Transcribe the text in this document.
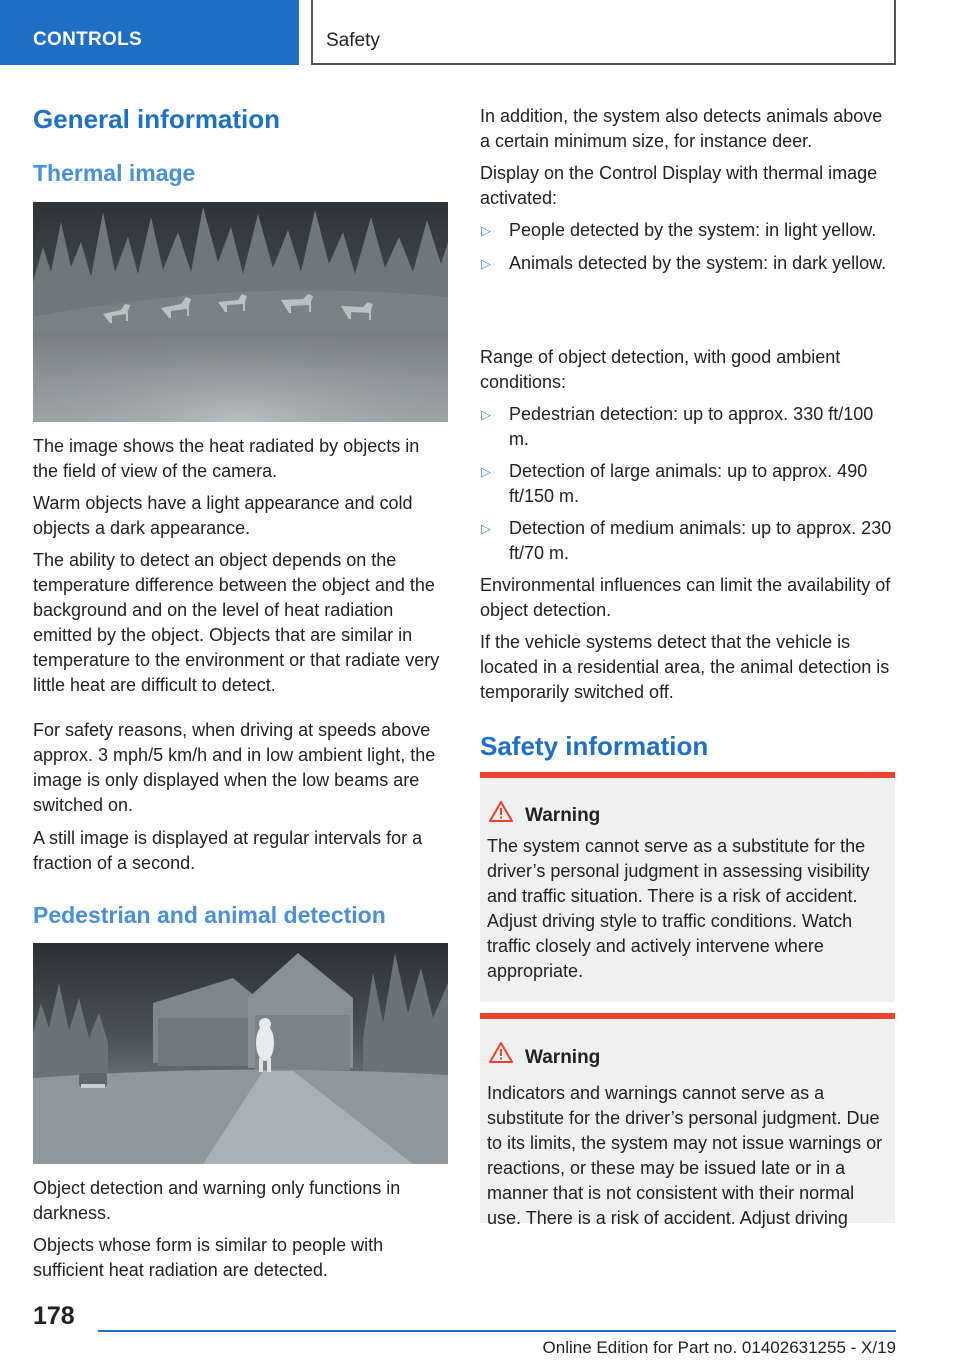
CONTROLS	Safety
General information
Thermal image

The image shows the heat radiated by objects in the field of view of the camera.

Warm objects have a light appearance and cold objects a dark appearance.

The ability to detect an object depends on the temperature difference between the object and the background and on the level of heat radiation emitted by the object. Objects that are similar in temperature to the environment or that radiate very little heat are difficult to detect.

For safety reasons, when driving at speeds above approx. 3 mph/5 km/h and in low ambient light, the image is only displayed when the low beams are switched on.

A still image is displayed at regular intervals for a fraction of a second.

Pedestrian and animal detection

Object detection and warning only functions in darkness.

Objects whose form is similar to people with sufficient heat radiation are detected.

In addition, the system also detects animals above a certain minimum size, for instance deer.

Display on the Control Display with thermal image activated:

▷ People detected by the system: in light yellow.
▷ Animals detected by the system: in dark yellow.

Range of object detection, with good ambient conditions:

▷ Pedestrian detection: up to approx. 330 ft/100 m.
▷ Detection of large animals: up to approx. 490 ft/150 m.
▷ Detection of medium animals: up to approx. 230 ft/70 m.

Environmental influences can limit the availability of object detection.

If the vehicle systems detect that the vehicle is located in a residential area, the animal detection is temporarily switched off.

Safety information
Warning

The system cannot serve as a substitute for the driver’s personal judgment in assessing visibility and traffic situation. There is a risk of accident. Adjust driving style to traffic conditions. Watch traffic closely and actively intervene where appropriate.

Warning

Indicators and warnings cannot serve as a substitute for the driver’s personal judgment. Due to its limits, the system may not issue warnings or reactions, or these may be issued late or in a manner that is not consistent with their normal use. There is a risk of accident. Adjust driving

178
Online Edition for Part no. 01402631255 - X/19
